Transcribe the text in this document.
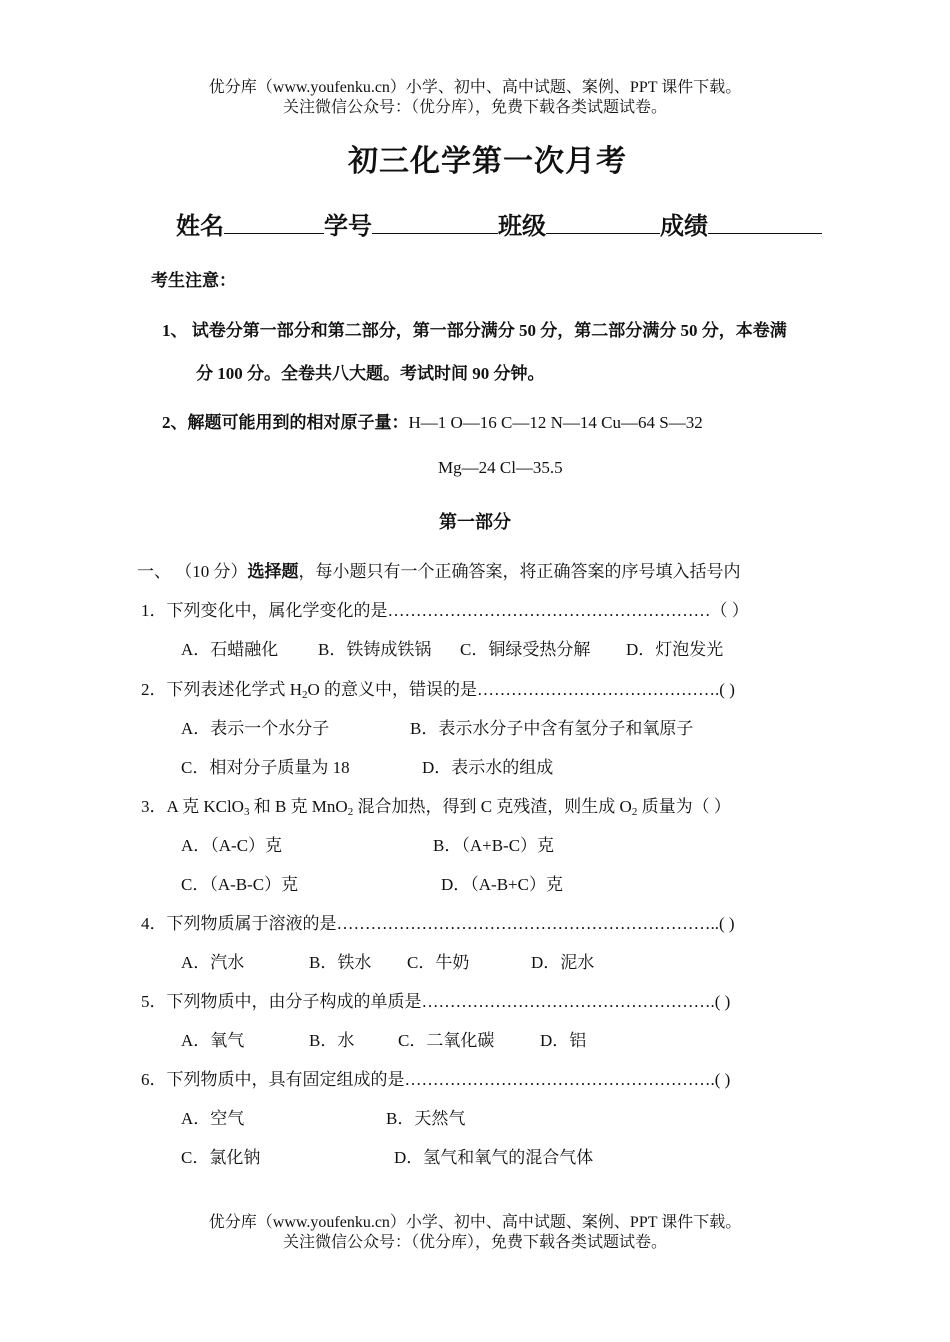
优分库（www.youfenku.cn）小学、初中、高中试题、案例、PPT 课件下载。
关注微信公众号：（优分库），免费下载各类试题试卷。
初三化学第一次月考
姓名	学号	班级	成绩
考生注意：
1、 试卷分第一部分和第二部分，第一部分满分 50 分，第二部分满分 50 分，本卷满
分 100 分。全卷共八大题。考试时间 90 分钟。
2、解题可能用到的相对原子量：H—1 O—16 C—12 N—14 Cu—64 S—32
Mg—24 Cl—35.5
第一部分
一、 （10 分）选择题，每小题只有一个正确答案，将正确答案的序号填入括号内
1．下列变化中，属化学变化的是…………………………………………………（ ）
A．石蜡融化 B．铁铸成铁锅 C．铜绿受热分解 D．灯泡发光
2．下列表述化学式 $H_2O$ 的意义中，错误的是…………………………………….( )
A．表示一个水分子	B．表示水分子中含有氢分子和氧原子
C．相对分子质量为 18	D．表示水的组成
3．A 克 KClO$_3$ 和 B 克 MnO$_2$ 混合加热，得到 C 克残渣，则生成 $O_2$ 质量为（ ）
A．（A-C）克	B．（A+B-C）克
C．（A-B-C）克	D．（A-B+C）克
4．下列物质属于溶液的是…………………………………………………………..( )
A．汽水	B．铁水 C．牛奶	D．泥水
5．下列物质中，由分子构成的单质是…………………………………………….( )
A．氧气	B．水	C．二氧化碳	D．铝
6．下列物质中，具有固定组成的是……………………………………………….( )
A．空气	B．天然气
C．氯化钠	D．氢气和氧气的混合气体
优分库（www.youfenku.cn）小学、初中、高中试题、案例、PPT 课件下载。
关注微信公众号：（优分库），免费下载各类试题试卷。
